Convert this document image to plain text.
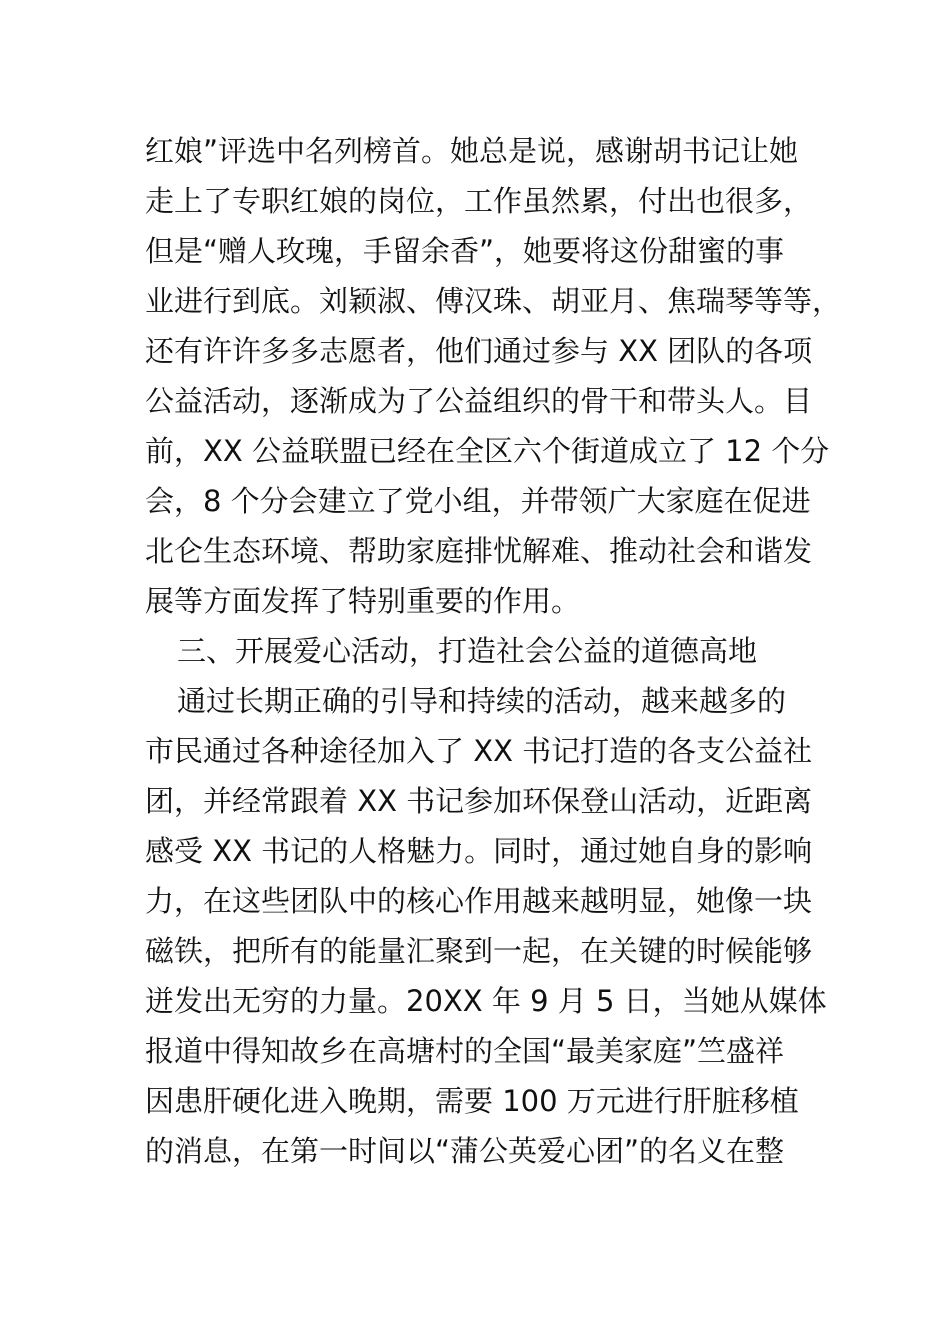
红娘”评选中名列榜首。她总是说，感谢胡书记让她
走上了专职红娘的岗位，工作虽然累，付出也很多，
但是“赠人玫瑰，手留余香”，她要将这份甜蜜的事
业进行到底。刘颖淑、傅汉珠、胡亚月、焦瑞琴等等，
还有许许多多志愿者，他们通过参与 XX 团队的各项
公益活动，逐渐成为了公益组织的骨干和带头人。目
前，XX 公益联盟已经在全区六个街道成立了 12 个分
会，8 个分会建立了党小组，并带领广大家庭在促进
北仑生态环境、帮助家庭排忧解难、推动社会和谐发
展等方面发挥了特别重要的作用。
三、开展爱心活动，打造社会公益的道德高地
通过长期正确的引导和持续的活动，越来越多的
市民通过各种途径加入了 XX 书记打造的各支公益社
团，并经常跟着 XX 书记参加环保登山活动，近距离
感受 XX 书记的人格魅力。同时，通过她自身的影响
力，在这些团队中的核心作用越来越明显，她像一块
磁铁，把所有的能量汇聚到一起，在关键的时候能够
迸发出无穷的力量。20XX 年 9 月 5 日，当她从媒体
报道中得知故乡在高塘村的全国“最美家庭”竺盛祥
因患肝硬化进入晚期，需要 100 万元进行肝脏移植
的消息，在第一时间以“蒲公英爱心团”的名义在整
